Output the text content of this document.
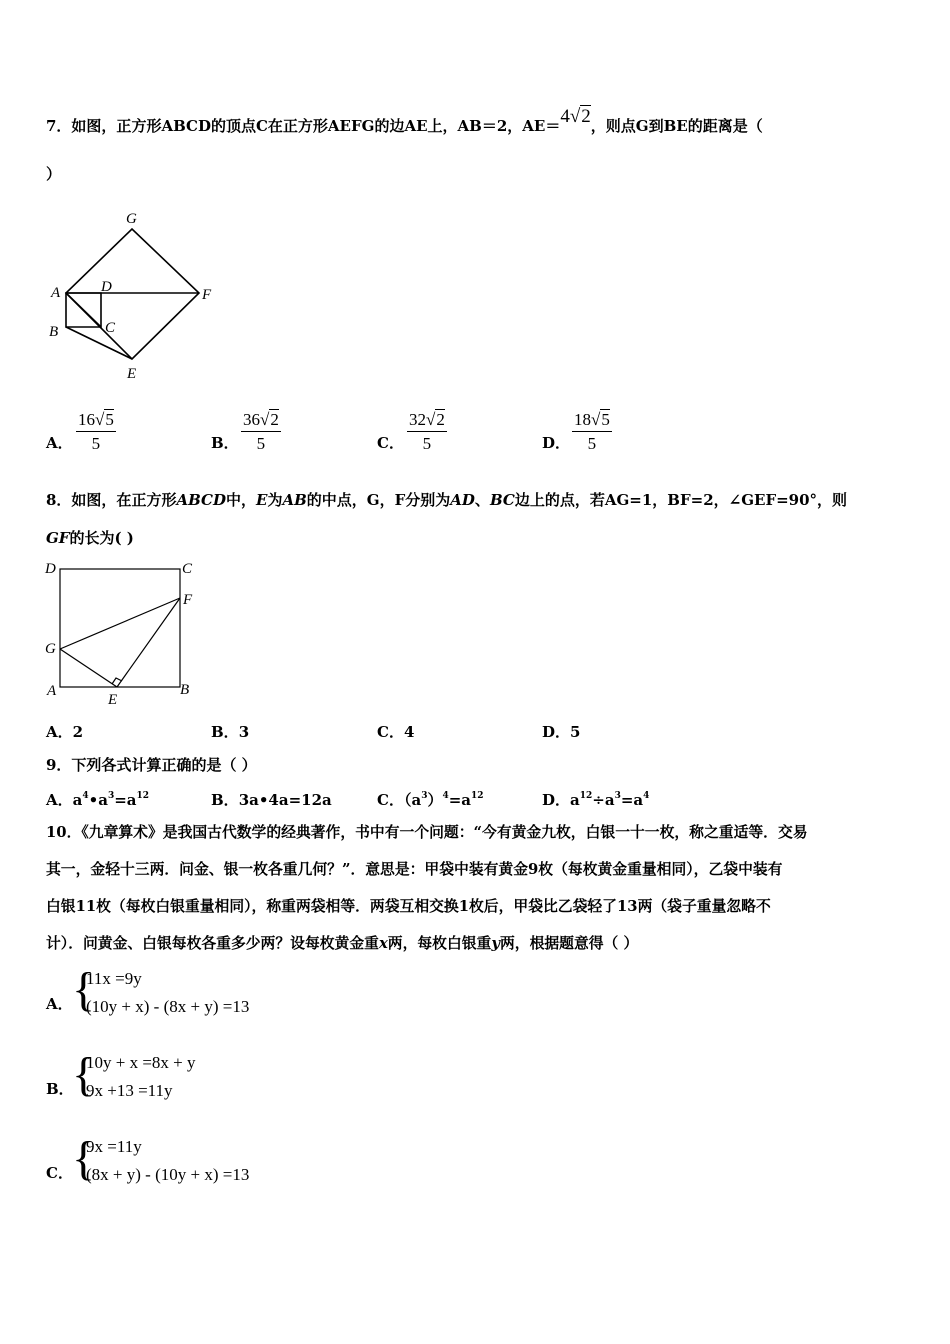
7．如图，正方形ABCD的顶点C在正方形AEFG的边AE上，AB＝2，AE＝4√2，则点G到BE的距离是（
）
G
A	D	F
B	C
E
A． $\frac{16√5}{5}$	B． $\frac{36√2}{5}$	C． $\frac{32√2}{5}$	D． $\frac{18√5}{5}$
8．如图，在正方形ABCD中，E为AB的中点，G，F分别为AD、BC边上的点，若AG=1，BF=2，∠GEF=90°，则
GF的长为( )
D	C
F
G
A
E
B
A．2	B．3	C．4	D．5
9．下列各式计算正确的是（ ）
A．$a^4•a^3=a^{12}$	B．3a•4a=12a	C．$(a^3)^4=a^{12}$	D．$a^{12}\div a^3=a^4$
10．《九章算术》是我国古代数学的经典著作，书中有一个问题：“今有黄金九枚，白银一十一枚，称之重适等．交易
其一，金轻十三两．问金、银一枚各重几何？”．意思是：甲袋中装有黄金9枚（每枚黄金重量相同），乙袋中装有
白银11枚（每枚白银重量相同），称重两袋相等．两袋互相交换1枚后，甲袋比乙袋轻了13两（袋子重量忽略不
计）．问黄金、白银每枚各重多少两？设每枚黄金重x两，每枚白银重y两，根据题意得（ ）
A． {
11x =9y
(10y + x) - (8x + y) =13
B．
{
10y + x =8x + y
9x +13 =11y
C． {
9x =11y
(8x + y) - (10y + x) =13
